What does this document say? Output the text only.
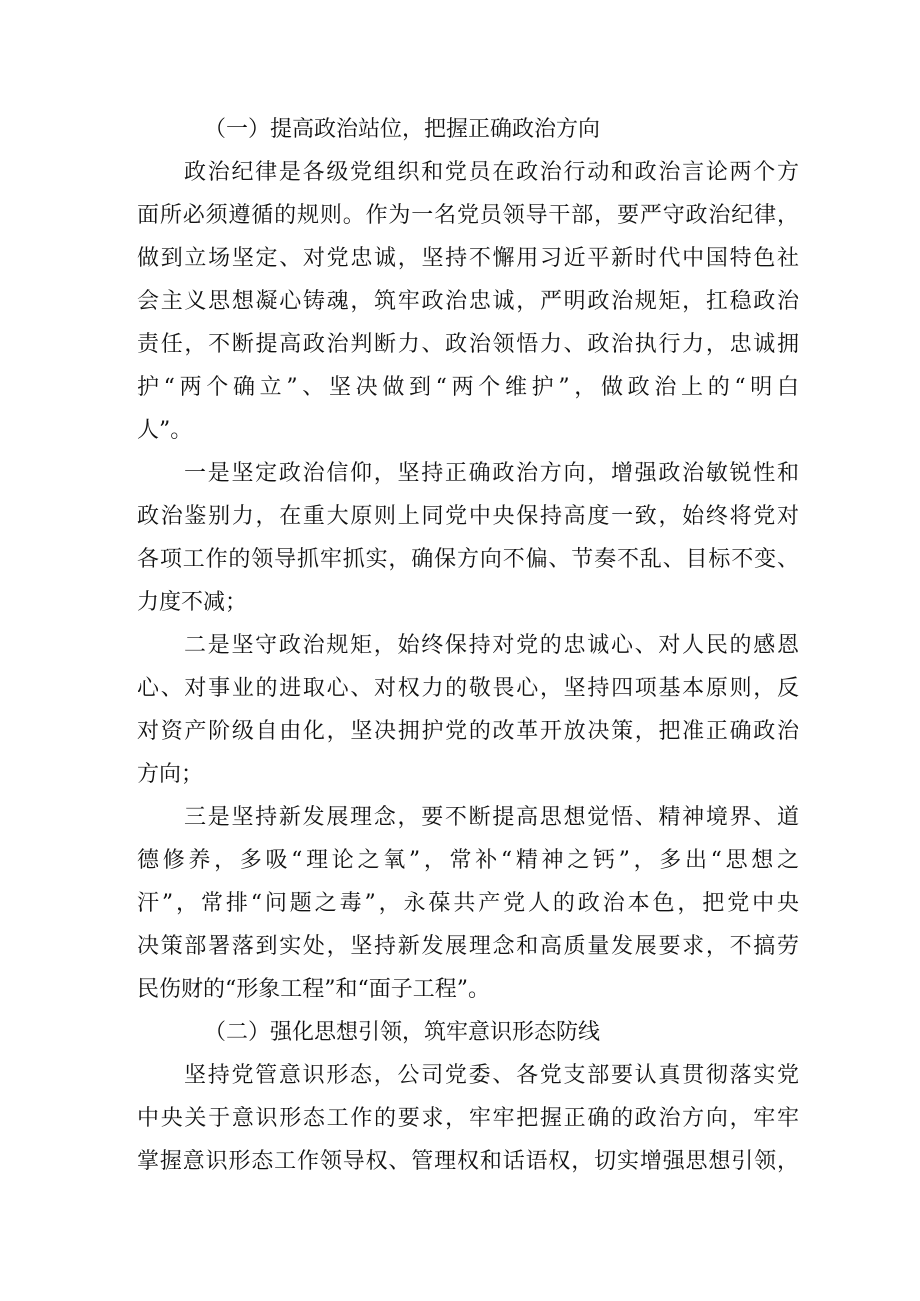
（一）提高政治站位，把握正确政治方向
政治纪律是各级党组织和党员在政治行动和政治言论两个方
面所必须遵循的规则。作为一名党员领导干部，要严守政治纪律，
做到立场坚定、对党忠诚，坚持不懈用习近平新时代中国特色社
会主义思想凝心铸魂，筑牢政治忠诚，严明政治规矩，扛稳政治
责任，不断提高政治判断力、政治领悟力、政治执行力，忠诚拥
护“两个确立”、坚决做到“两个维护”，做政治上的“明白
人”。
一是坚定政治信仰，坚持正确政治方向，增强政治敏锐性和
政治鉴别力，在重大原则上同党中央保持高度一致，始终将党对
各项工作的领导抓牢抓实，确保方向不偏、节奏不乱、目标不变、
力度不减；
二是坚守政治规矩，始终保持对党的忠诚心、对人民的感恩
心、对事业的进取心、对权力的敬畏心，坚持四项基本原则，反
对资产阶级自由化，坚决拥护党的改革开放决策，把准正确政治
方向；
三是坚持新发展理念，要不断提高思想觉悟、精神境界、道
德修养，多吸“理论之氧”，常补“精神之钙”，多出“思想之
汗”，常排“问题之毒”，永葆共产党人的政治本色，把党中央
决策部署落到实处，坚持新发展理念和高质量发展要求，不搞劳
民伤财的“形象工程”和“面子工程”。
（二）强化思想引领，筑牢意识形态防线
坚持党管意识形态，公司党委、各党支部要认真贯彻落实党
中央关于意识形态工作的要求，牢牢把握正确的政治方向，牢牢
掌握意识形态工作领导权、管理权和话语权，切实增强思想引领，
